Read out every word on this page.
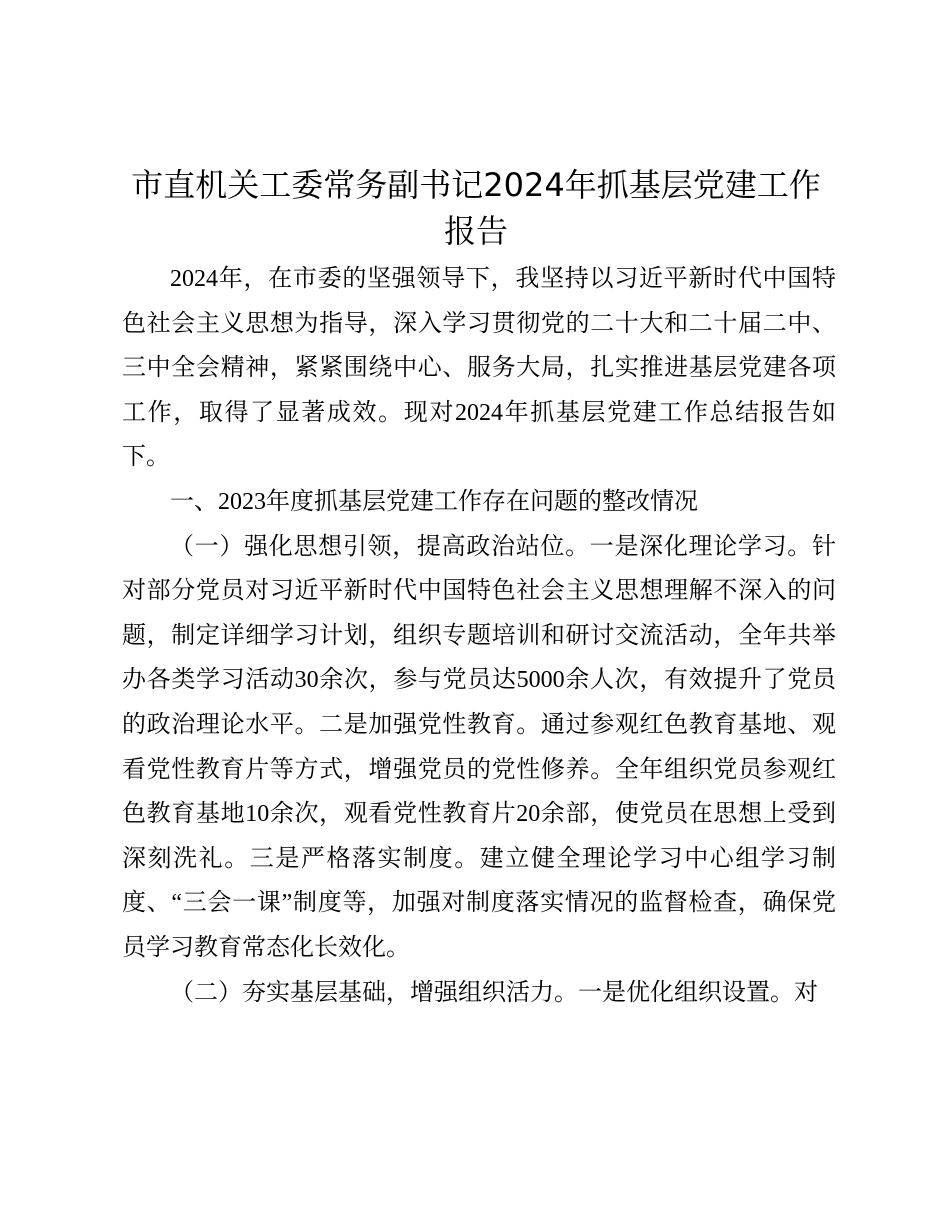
市直机关工委常务副书记2024年抓基层党建工作报告

2024年，在市委的坚强领导下，我坚持以习近平新时代中国特色社会主义思想为指导，深入学习贯彻党的二十大和二十届二中、三中全会精神，紧紧围绕中心、服务大局，扎实推进基层党建各项工作，取得了显著成效。现对2024年抓基层党建工作总结报告如下。

一、2023年度抓基层党建工作存在问题的整改情况

（一）强化思想引领，提高政治站位。一是深化理论学习。针对部分党员对习近平新时代中国特色社会主义思想理解不深入的问题，制定详细学习计划，组织专题培训和研讨交流活动，全年共举办各类学习活动30余次，参与党员达5000余人次，有效提升了党员的政治理论水平。二是加强党性教育。通过参观红色教育基地、观看党性教育片等方式，增强党员的党性修养。全年组织党员参观红色教育基地10余次，观看党性教育片20余部，使党员在思想上受到深刻洗礼。三是严格落实制度。建立健全理论学习中心组学习制度、“三会一课”制度等，加强对制度落实情况的监督检查，确保党员学习教育常态化长效化。

（二）夯实基层基础，增强组织活力。一是优化组织设置。对
